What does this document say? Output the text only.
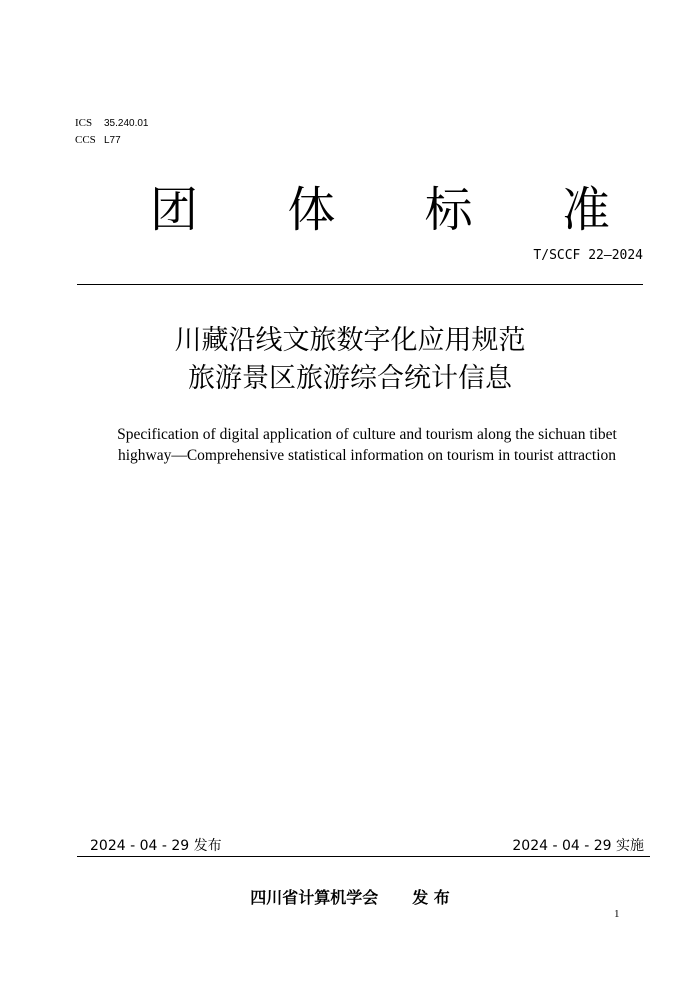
ICS	35.240.01
CCS L77
团 体 标 准
T/SCCF 22—2024
川藏沿线文旅数字化应用规范
旅游景区旅游综合统计信息
Specification of digital application of culture and tourism along the sichuan tibet
highway—Comprehensive statistical information on tourism in tourist attraction
2024 - 04 - 29 发布	2024 - 04 - 29 实施
四川省计算机学会 发 布
1
